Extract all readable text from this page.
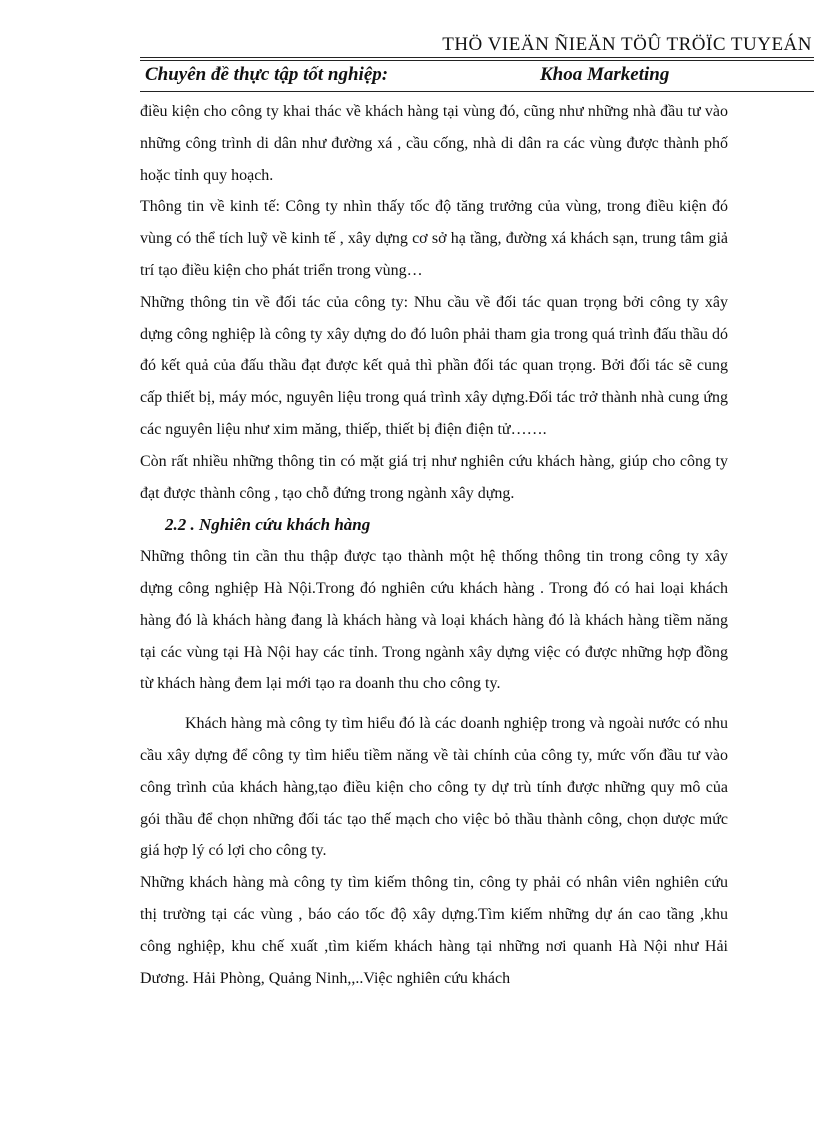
THÖ VIEÄN ÑIEÄN TÖÛ TRÖÏC TUYEÁN
Chuyên đề thực tập tốt nghiệp:	Khoa Marketing

điều kiện cho công ty khai thác về khách hàng tại vùng đó, cũng như những nhà đầu tư vào những công trình di dân như đường xá , cầu cống, nhà di dân ra các vùng được thành phố hoặc tỉnh quy hoạch.

Thông tin về kinh tế: Công ty nhìn thấy tốc độ tăng trưởng của vùng, trong điều kiện đó vùng có thể tích luỹ về kinh tế , xây dựng cơ sở hạ tầng, đường xá khách sạn, trung tâm giả trí tạo điều kiện cho phát triển trong vùng…

Những thông tin về đối tác của công ty: Nhu cầu về đối tác quan trọng bởi công ty xây dựng công nghiệp là công ty xây dựng do đó luôn phải tham gia trong quá trình đấu thầu dó đó kết quả của đấu thầu đạt được kết quả thì phần đối tác quan trọng. Bởi đối tác sẽ cung cấp thiết bị, máy móc, nguyên liệu trong quá trình xây dựng.Đối tác trở thành nhà cung ứng các nguyên liệu như xim măng, thiếp, thiết bị điện điện tử…….

Còn rất nhiều những thông tin có mặt giá trị như nghiên cứu khách hàng, giúp cho công ty đạt được thành công , tạo chỗ đứng trong ngành xây dựng.

2.2 . Nghiên cứu khách hàng

Những thông tin cần thu thập được tạo thành một hệ thống thông tin trong công ty xây dựng công nghiệp Hà Nội.Trong đó nghiên cứu khách hàng . Trong đó có hai loại khách hàng đó là khách hàng đang là khách hàng và loại khách hàng đó là khách hàng tiềm năng tại các vùng tại Hà Nội hay các tỉnh. Trong ngành xây dựng việc có được những hợp đồng từ khách hàng đem lại mới tạo ra doanh thu cho công ty.

Khách hàng mà công ty tìm hiểu đó là các doanh nghiệp trong và ngoài nước có nhu cầu xây dựng để công ty tìm hiểu tiềm năng về tài chính của công ty, mức vốn đầu tư vào công trình của khách hàng,tạo điều kiện cho công ty dự trù tính được những quy mô của gói thầu để chọn những đối tác tạo thế mạch cho việc bỏ thầu thành công, chọn dược mức giá hợp lý có lợi cho công ty.

Những khách hàng mà công ty tìm kiếm thông tin, công ty phải có nhân viên nghiên cứu thị trường tại các vùng , báo cáo tốc độ xây dựng.Tìm kiếm những dự án cao tầng ,khu công nghiệp, khu chế xuất ,tìm kiếm khách hàng tại những nơi quanh Hà Nội như Hải Dương. Hải Phòng, Quảng Ninh,,..Việc nghiên cứu khách
